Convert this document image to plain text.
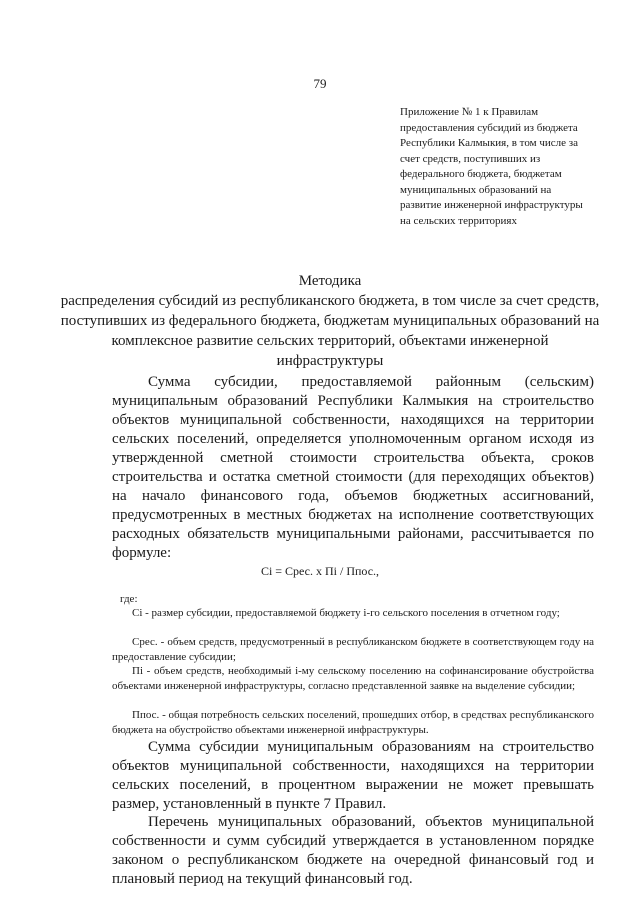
79
Приложение № 1 к Правилам предоставления субсидий из бюджета Республики Калмыкия, в том числе за счет средств, поступивших из федерального бюджета, бюджетам муниципальных образований на развитие инженерной инфраструктуры на сельских территориях
Методика
распределения субсидий из республиканского бюджета, в том числе за счет средств, поступивших из федерального бюджета, бюджетам муниципальных образований на комплексное развитие сельских территорий, объектами инженерной инфраструктуры
Сумма субсидии, предоставляемой районным (сельским) муниципальным образований Республики Калмыкия на строительство объектов муниципальной собственности, находящихся на территории сельских поселений, определяется уполномоченным органом исходя из утвержденной сметной стоимости строительства объекта, сроков строительства и остатка сметной стоимости (для переходящих объектов) на начало финансового года, объемов бюджетных ассигнований, предусмотренных в местных бюджетах на исполнение соответствующих расходных обязательств муниципальными районами, рассчитывается по формуле:
Ci = Срес. х Пi / Ппос.,
где:
Ci - размер субсидии, предоставляемой бюджету i-го сельского поселения в отчетном году;
Срес. - объем средств, предусмотренный в республиканском бюджете в соответствующем году на предоставление субсидии;
Пi - объем средств, необходимый i-му сельскому поселению на софинансирование обустройства объектами инженерной инфраструктуры, согласно представленной заявке на выделение субсидии;
Ппос. - общая потребность сельских поселений, прошедших отбор, в средствах республиканского бюджета на обустройство объектами инженерной инфраструктуры.
Сумма субсидии муниципальным образованиям на строительство объектов муниципальной собственности, находящихся на территории сельских поселений, в процентном выражении не может превышать размер, установленный в пункте 7 Правил.
Перечень муниципальных образований, объектов муниципальной собственности и сумм субсидий утверждается в установленном порядке законом о республиканском бюджете на очередной финансовый год и плановый период на текущий финансовый год.
